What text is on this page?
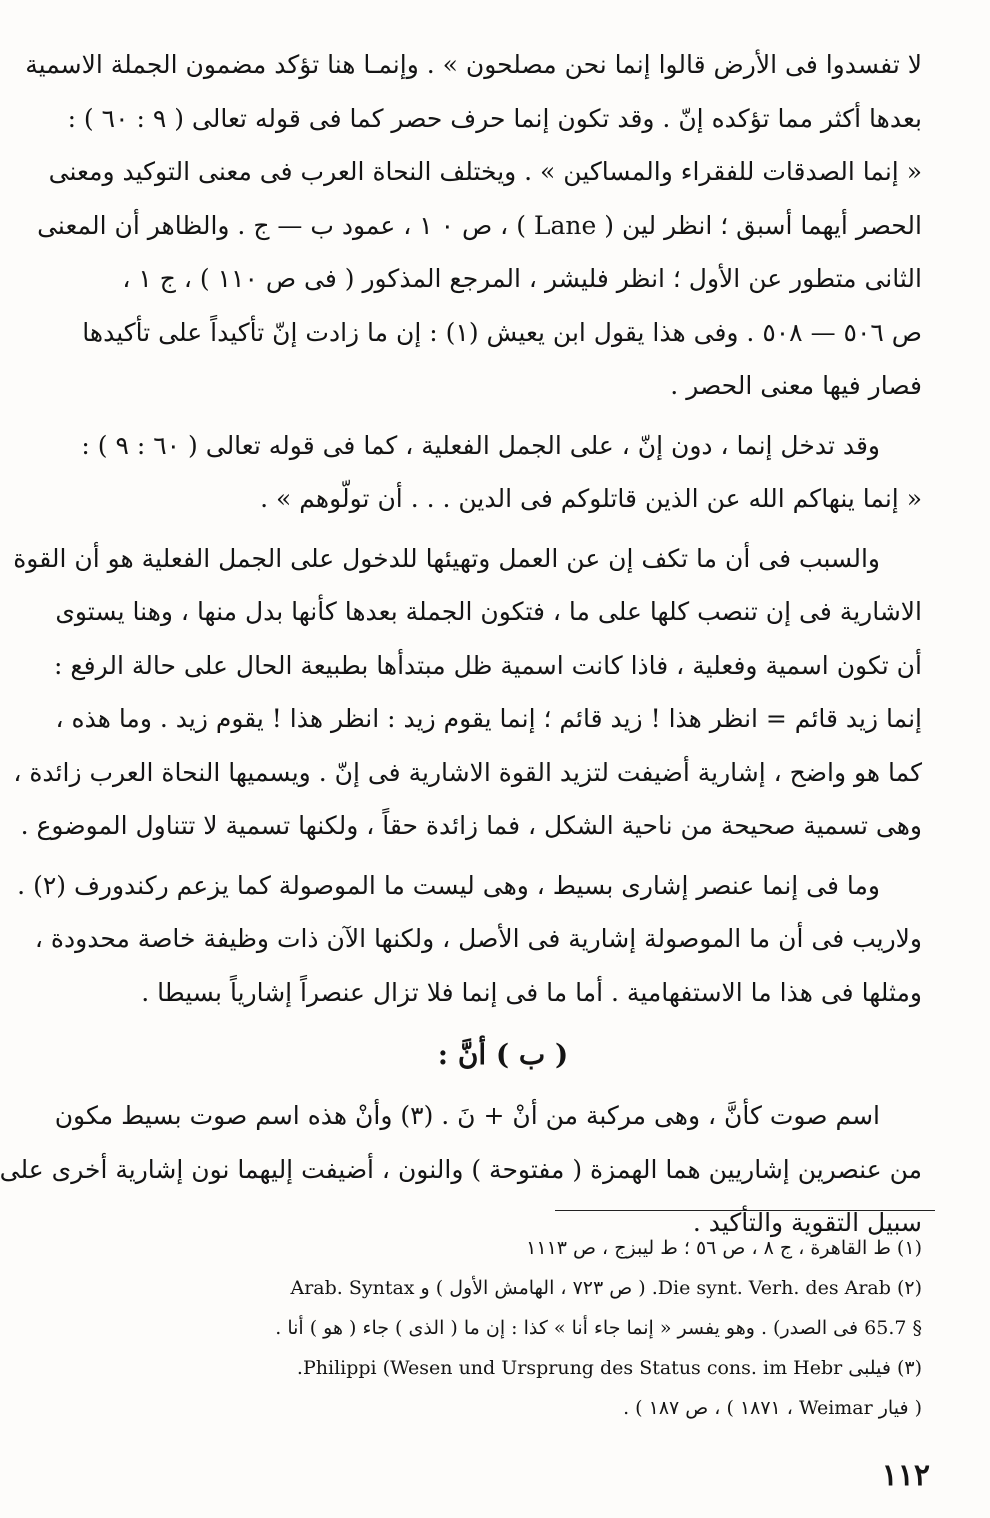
لا تفسدوا فى الأرض قالوا إنما نحن مصلحون » . وإنمـا هنا تؤكد مضمون الجملة الاسمية

بعدها أكثر مما تؤكده إنّ . وقد تكون إنما حرف حصر كما فى قوله تعالى ( ٩ : ٦٠ ) :

« إنما الصدقات للفقراء والمساكين » . ويختلف النحاة العرب فى معنى التوكيد ومعنى

الحصر أيهما أسبق ؛ انظر لين ( Lane ) ، ص ٠ ١ ، عمود ب — ج . والظاهر أن المعنى

الثانى متطور عن الأول ؛ انظر فليشر ، المرجع المذكور ( فى ص ١١٠ ) ، ج ١ ،

ص ٥٠٦ — ٥٠٨ . وفى هذا يقول ابن يعيش (١) : إن ما زادت إنّ تأكيداً على تأكيدها

فصار فيها معنى الحصر .

وقد تدخل إنما ، دون إنّ ، على الجمل الفعلية ، كما فى قوله تعالى ( ٦٠ : ٩ ) :

« إنما ينهاكم الله عن الذين قاتلوكم فى الدين . . . أن تولّوهم » .

والسبب فى أن ما تكف إن عن العمل وتهيئها للدخول على الجمل الفعلية هو أن القوة

الاشارية فى إن تنصب كلها على ما ، فتكون الجملة بعدها كأنها بدل منها ، وهنا يستوى

أن تكون اسمية وفعلية ، فاذا كانت اسمية ظل مبتدأها بطبيعة الحال على حالة الرفع :

إنما زيد قائم = انظر هذا ! زيد قائم ؛ إنما يقوم زيد : انظر هذا ! يقوم زيد . وما هذه ،

كما هو واضح ، إشارية أضيفت لتزيد القوة الاشارية فى إنّ . ويسميها النحاة العرب زائدة ،

وهى تسمية صحيحة من ناحية الشكل ، فما زائدة حقاً ، ولكنها تسمية لا تتناول الموضوع .

وما فى إنما عنصر إشارى بسيط ، وهى ليست ما الموصولة كما يزعم ركندورف (٢) .

ولاريب فى أن ما الموصولة إشارية فى الأصل ، ولكنها الآن ذات وظيفة خاصة محدودة ،

ومثلها فى هذا ما الاستفهامية . أما ما فى إنما فلا تزال عنصراً إشارياً بسيطا .

( ب ) أنَّ :

اسم صوت كأنَّ ، وهى مركبة من أنْ + نَ . (٣) وأنْ هذه اسم صوت بسيط مكون

من عنصرين إشاريين هما الهمزة ( مفتوحة ) والنون ، أضيفت إليهما نون إشارية أخرى على

سبيل التقوية والتأكيد .

(١) ط القاهرة ، ج ٨ ، ص ٥٦ ؛ ط ليبزج ، ص ١١١٣

(٢) Die synt. Verh. des Arab. ( ص ٧٢٣ ، الهامش الأول ) و Arab. Syntax

§ 65.7 فى الصدر) . وهو يفسر « إنما جاء أنا » كذا : إن ما ( الذى ) جاء ( هو ) أنا .

(٣) فيلبى Philippi (Wesen und Ursprung des Status cons. im Hebr.

( فيار Weimar ، ١٨٧١ ) ، ص ١٨٧ ) .

١١٢
